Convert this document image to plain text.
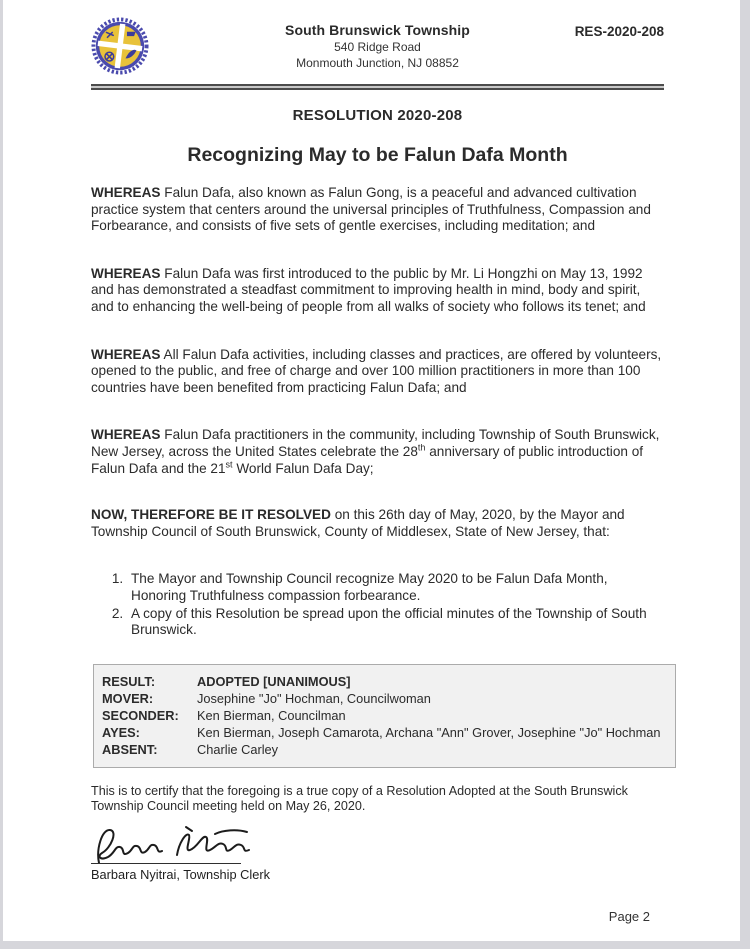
South Brunswick Township
540 Ridge Road
Monmouth Junction, NJ 08852
RES-2020-208
RESOLUTION 2020-208
Recognizing May to be Falun Dafa Month

WHEREAS Falun Dafa, also known as Falun Gong, is a peaceful and advanced cultivation practice system that centers around the universal principles of Truthfulness, Compassion and Forbearance, and consists of five sets of gentle exercises, including meditation; and

WHEREAS Falun Dafa was first introduced to the public by Mr. Li Hongzhi on May 13, 1992 and has demonstrated a steadfast commitment to improving health in mind, body and spirit, and to enhancing the well-being of people from all walks of society who follows its tenet; and

WHEREAS All Falun Dafa activities, including classes and practices, are offered by volunteers, opened to the public, and free of charge and over 100 million practitioners in more than 100 countries have been benefited from practicing Falun Dafa; and

WHEREAS Falun Dafa practitioners in the community, including Township of South Brunswick, New Jersey, across the United States celebrate the 28th anniversary of public introduction of Falun Dafa and the 21st World Falun Dafa Day;

NOW, THEREFORE BE IT RESOLVED on this 26th day of May, 2020, by the Mayor and Township Council of South Brunswick, County of Middlesex, State of New Jersey, that:

1. The Mayor and Township Council recognize May 2020 to be Falun Dafa Month, Honoring Truthfulness compassion forbearance.
2. A copy of this Resolution be spread upon the official minutes of the Township of South Brunswick.
RESULT:	ADOPTED [UNANIMOUS]
MOVER:	Josephine "Jo" Hochman, Councilwoman
SECONDER:	Ken Bierman, Councilman
AYES:	Ken Bierman, Joseph Camarota, Archana "Ann" Grover, Josephine "Jo" Hochman
ABSENT:	Charlie Carley

This is to certify that the foregoing is a true copy of a Resolution Adopted at the South Brunswick Township Council meeting held on May 26, 2020.

Barbara Nyitrai, Township Clerk
Page 2
